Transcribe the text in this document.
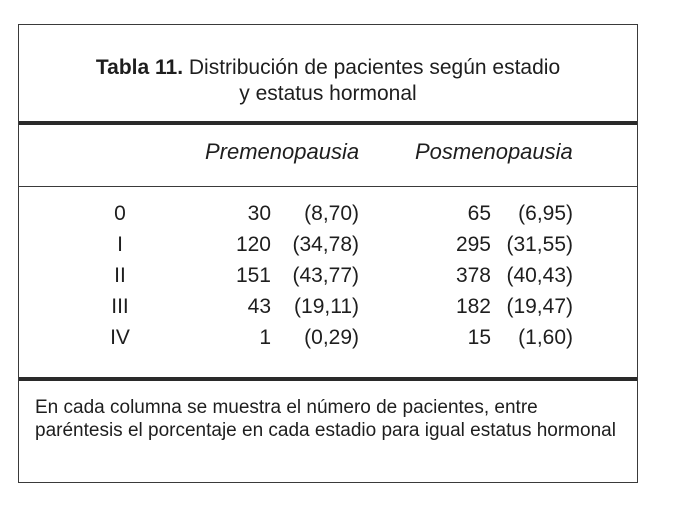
Tabla 11. Distribución de pacientes según estadio
y estatus hormonal
Premenopausia	Posmenopausia
0	30	(8,70)	65	(6,95)
I	120	(34,78)	295 (31,55)
II	151	(43,77)	378 (40,43)
III	43	(19,11)	182 (19,47)
IV	1	(0,29)	15	(1,60)
En cada columna se muestra el número de pacientes, entre paréntesis el porcentaje en cada estadio para igual estatus hormonal
